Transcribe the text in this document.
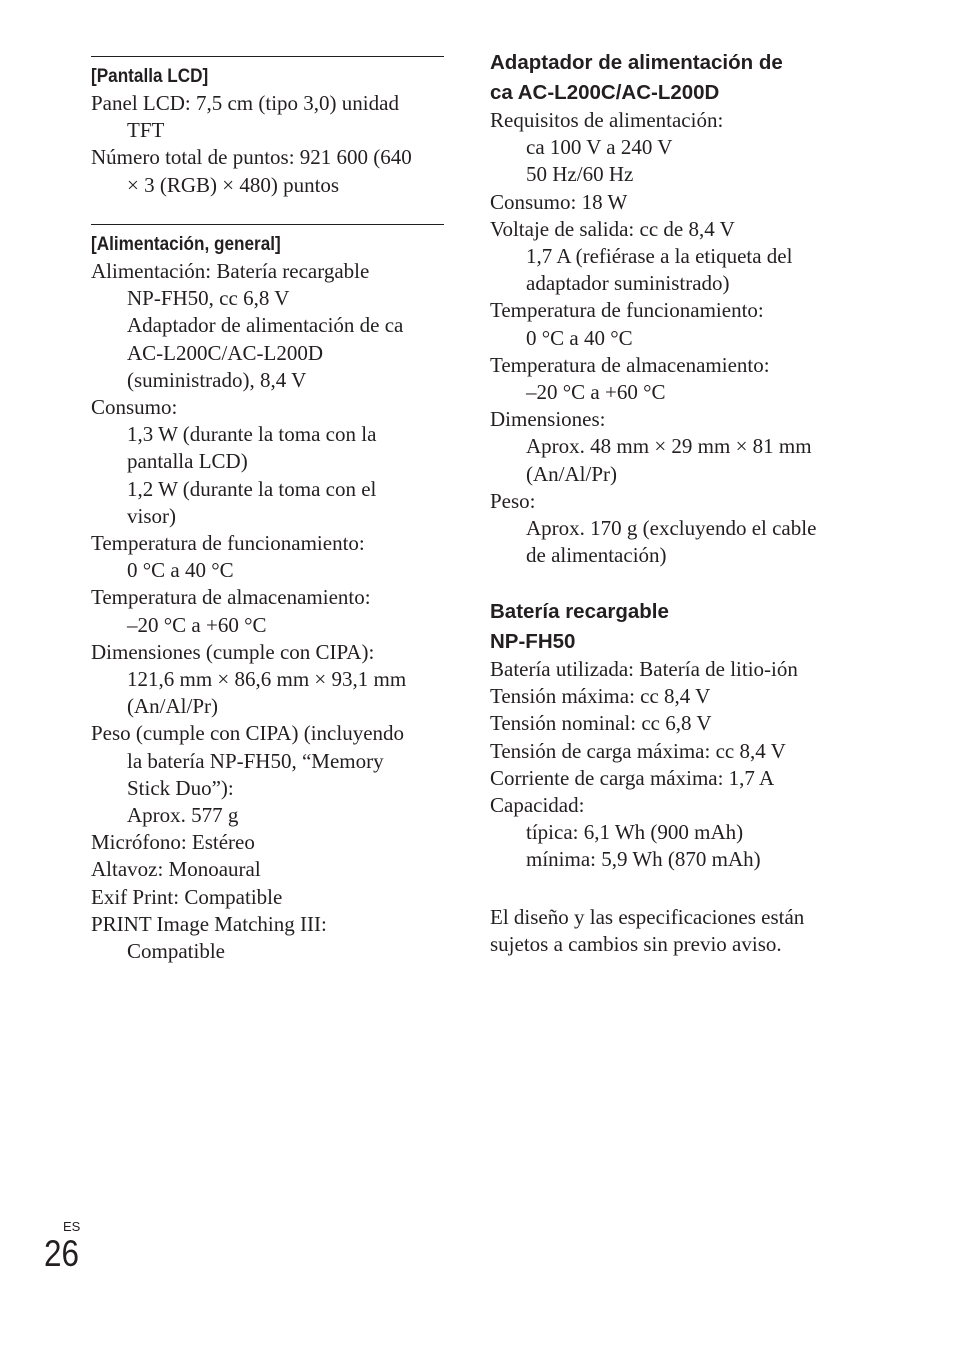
[Pantalla LCD]
Panel LCD: 7,5 cm (tipo 3,0) unidad
TFT
Número total de puntos: 921 600 (640
× 3 (RGB) × 480) puntos
[Alimentación, general]
Alimentación: Batería recargable
NP-FH50, cc 6,8 V
Adaptador de alimentación de ca
AC-L200C/AC-L200D
(suministrado), 8,4 V
Consumo:
1,3 W (durante la toma con la
pantalla LCD)
1,2 W (durante la toma con el
visor)
Temperatura de funcionamiento:
0 °C a 40 °C
Temperatura de almacenamiento:
–20 °C a +60 °C
Dimensiones (cumple con CIPA):
121,6 mm × 86,6 mm × 93,1 mm
(An/Al/Pr)
Peso (cumple con CIPA) (incluyendo
la batería NP-FH50, “Memory
Stick Duo”):
Aprox. 577 g
Micrófono: Estéreo
Altavoz: Monoaural
Exif Print: Compatible
PRINT Image Matching III:
Compatible
Adaptador de alimentación de
ca AC-L200C/AC-L200D
Requisitos de alimentación:
ca 100 V a 240 V
50 Hz/60 Hz
Consumo: 18 W
Voltaje de salida: cc de 8,4 V
1,7 A (refiérase a la etiqueta del
adaptador suministrado)
Temperatura de funcionamiento:
0 °C a 40 °C
Temperatura de almacenamiento:
–20 °C a +60 °C
Dimensiones:
Aprox. 48 mm × 29 mm × 81 mm
(An/Al/Pr)
Peso:
Aprox. 170 g (excluyendo el cable
de alimentación)
Batería recargable
NP-FH50
Batería utilizada: Batería de litio-ión
Tensión máxima: cc 8,4 V
Tensión nominal: cc 6,8 V
Tensión de carga máxima: cc 8,4 V
Corriente de carga máxima: 1,7 A
Capacidad:
típica: 6,1 Wh (900 mAh)
mínima: 5,9 Wh (870 mAh)
El diseño y las especificaciones están
sujetos a cambios sin previo aviso.
ES
26
